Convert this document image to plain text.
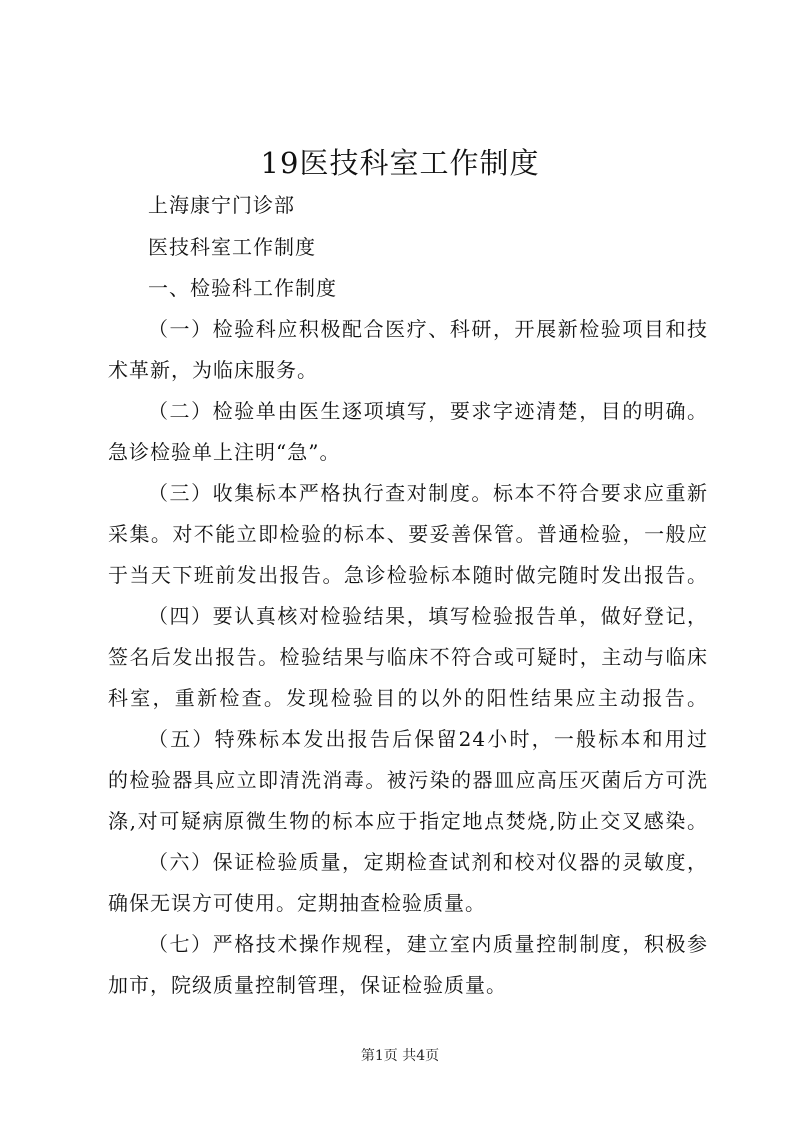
19医技科室工作制度
上海康宁门诊部
医技科室工作制度
一、检验科工作制度
（一）检验科应积极配合医疗、科研，开展新检验项目和技
术革新，为临床服务。
（二）检验单由医生逐项填写，要求字迹清楚，目的明确。
急诊检验单上注明“急”。
（三）收集标本严格执行查对制度。标本不符合要求应重新
采集。对不能立即检验的标本、要妥善保管。普通检验，一般应
于当天下班前发出报告。急诊检验标本随时做完随时发出报告。
（四）要认真核对检验结果，填写检验报告单，做好登记，
签名后发出报告。检验结果与临床不符合或可疑时，主动与临床
科室，重新检查。发现检验目的以外的阳性结果应主动报告。
（五）特殊标本发出报告后保留24小时，一般标本和用过
的检验器具应立即清洗消毒。被污染的器皿应高压灭菌后方可洗
涤,对可疑病原微生物的标本应于指定地点焚烧,防止交叉感染。
（六）保证检验质量，定期检查试剂和校对仪器的灵敏度，
确保无误方可使用。定期抽查检验质量。
（七）严格技术操作规程，建立室内质量控制制度，积极参
加市，院级质量控制管理，保证检验质量。
第1页 共4页
